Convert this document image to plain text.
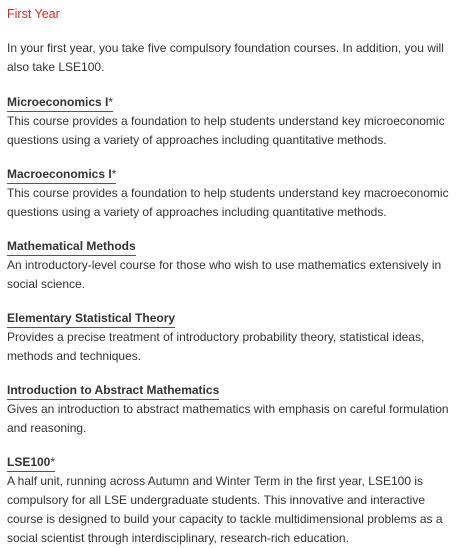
First Year

In your first year, you take five compulsory foundation courses. In addition, you will also take LSE100.

Microeconomics I*

This course provides a foundation to help students understand key microeconomic questions using a variety of approaches including quantitative methods.

Macroeconomics I*

This course provides a foundation to help students understand key macroeconomic questions using a variety of approaches including quantitative methods.

Mathematical Methods

An introductory-level course for those who wish to use mathematics extensively in social science.

Elementary Statistical Theory

Provides a precise treatment of introductory probability theory, statistical ideas, methods and techniques.

Introduction to Abstract Mathematics

Gives an introduction to abstract mathematics with emphasis on careful formulation and reasoning.

LSE100*

A half unit, running across Autumn and Winter Term in the first year, LSE100 is compulsory for all LSE undergraduate students. This innovative and interactive course is designed to build your capacity to tackle multidimensional problems as a social scientist through interdisciplinary, research-rich education.
